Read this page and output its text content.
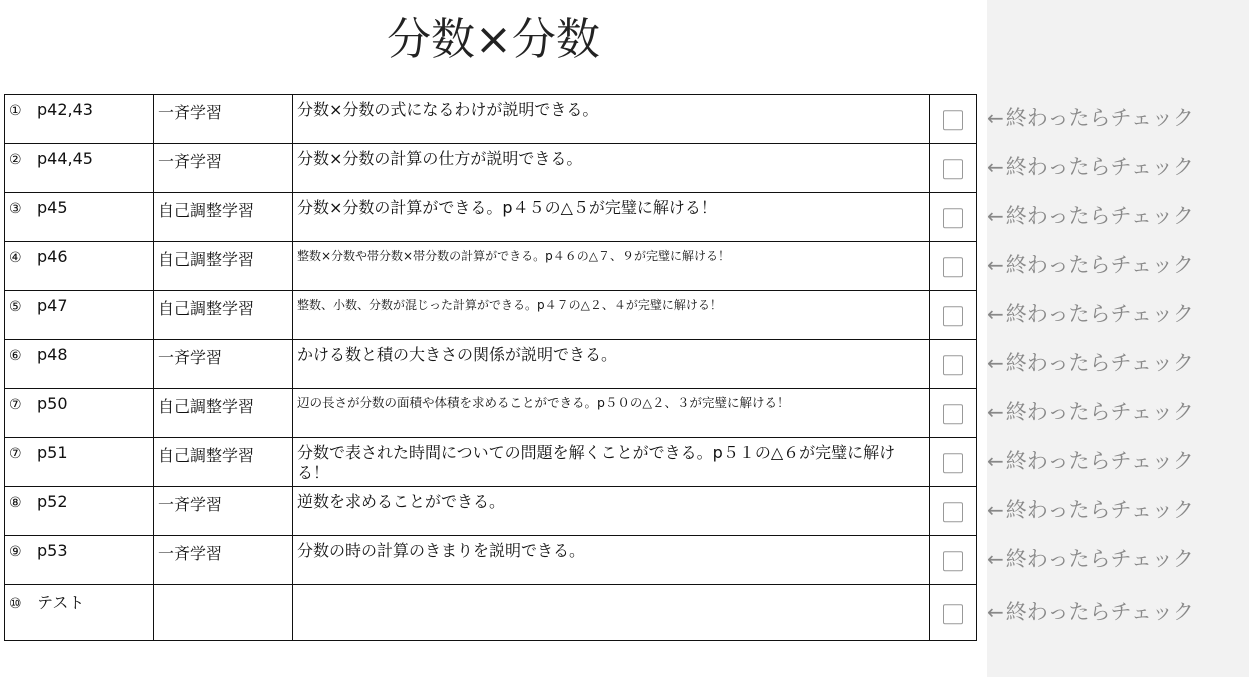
分数×分数
① p42,43	一斉学習	分数×分数の式になるわけが説明できる。	

② p44,45	一斉学習	分数×分数の計算の仕方が説明できる。	

③ p45	自己調整学習	分数×分数の計算ができる。p４５の△５が完璧に解ける！	

④ p46	自己調整学習	整数×分数や帯分数×帯分数の計算ができる。p４６の△７、９が完璧に解ける！	

⑤ p47	自己調整学習	整数、小数、分数が混じった計算ができる。p４７の△２、４が完璧に解ける！	

⑥ p48	一斉学習	かける数と積の大きさの関係が説明できる。	

⑦ p50	自己調整学習	辺の長さが分数の面積や体積を求めることができる。p５０の△２、３が完璧に解ける！	

⑦ p51	自己調整学習	分数で表された時間についての問題を解くことができる。p５１の△６が完璧に解ける！	

⑧ p52	一斉学習	逆数を求めることができる。	

⑨ p53	一斉学習	分数の時の計算のきまりを説明できる。	

⑩ テスト			
← 終わったらチェック
← 終わったらチェック
← 終わったらチェック
← 終わったらチェック
← 終わったらチェック
← 終わったらチェック
← 終わったらチェック
← 終わったらチェック
← 終わったらチェック
← 終わったらチェック
← 終わったらチェック
